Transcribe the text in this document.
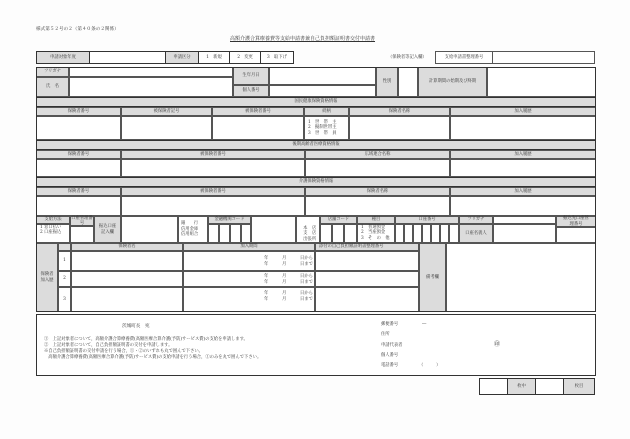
様式第５２号の２（第４０条の２関係）
高額介護合算療養費等支給申請書兼自己負担額証明書交付申請書
申請対象年度	申請区分	1　新規	2　変更	3　取下げ	（保険者等記入欄）	支給申請書整理番号
フリガナ
氏　名
生年月日
個人番号
性別	計算期間の始期及び終期
国民健康保険資格情報
保険者番号	被保険者記号	被保険者番号	続柄	保険者名称	加入履歴
1　世　帯　主
2　擬制世帯主
3　世　帯　員
後期高齢者医療資格情報
保険者番号	被保険者番号	広域連合名称	加入履歴
介護保険資格情報
保険者番号	被保険者番号	保険者名称	加入履歴
支給方法
1 窓口払い
2 口座振込
口座管理番号
振込口座記入欄
銀　　行
信用金庫
信用組合
金融機関コード
本　店
支　店
出張所
店舗コード	種目
1　普通預金
2　当座預金
3　そ　の　他
口座番号	フリガナ
口座名義人
振込先口座管理番号
保険者加入歴
保険者名	加入期間	添付の自己負担額証明書整理番号
備考欄
1	年	月	日から
年	月	日まで
2	年	月	日から
年	月	日まで
3
年	月	日から
年	月	日まで
茨城町長　宛
①　上記対象者について，高額介護合算療養費(高額医療合算介護(予防)サービス費)の支給を申請します。
②　上記対象者について，自己負担額証明書の交付を申請します。
※自己負担額証明書の交付申請を行う場合，①・②のいずれも丸で囲んで下さい。
　高額介護合算療養費(高額医療合算介護(予防)サービス費)の支給申請を行う場合，①のみを丸で囲んで下さい。
郵便番号	―
住所
申請代表者	㊞
個人番号
電話番号	（　　　）
枚中	枚目
